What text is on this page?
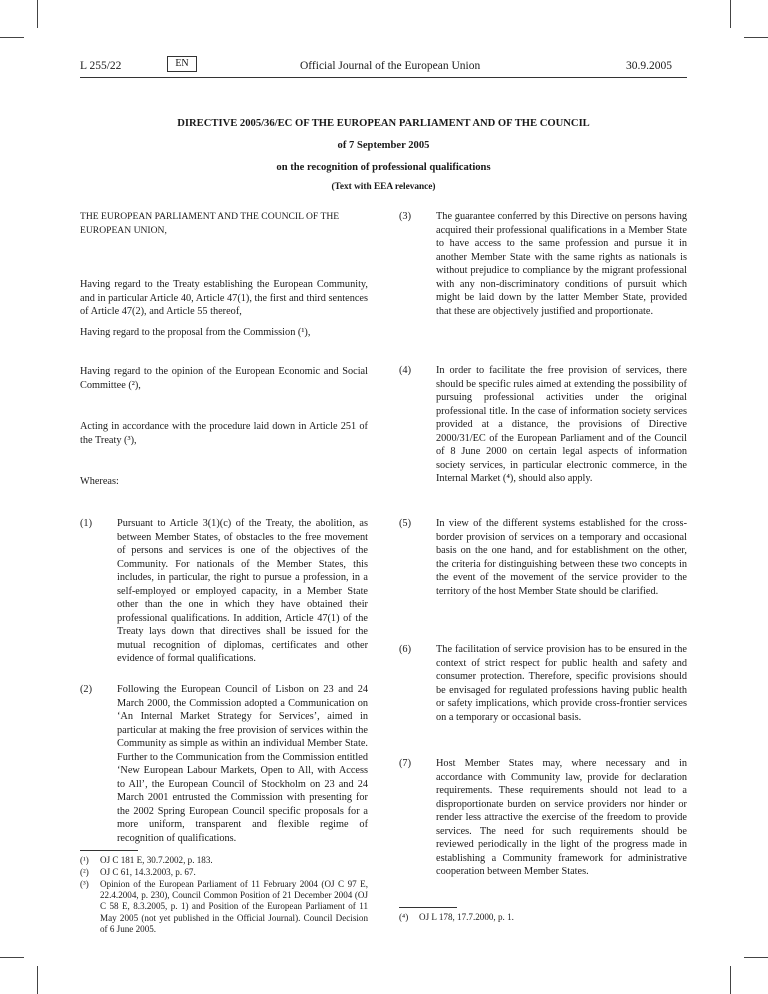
L 255/22	EN	Official Journal of the European Union	30.9.2005
DIRECTIVE 2005/36/EC OF THE EUROPEAN PARLIAMENT AND OF THE COUNCIL
of 7 September 2005
on the recognition of professional qualifications
(Text with EEA relevance)

THE EUROPEAN PARLIAMENT AND THE COUNCIL OF THE EUROPEAN UNION,

Having regard to the Treaty establishing the European Community, and in particular Article 40, Article 47(1), the first and third sentences of Article 47(2), and Article 55 thereof,

Having regard to the proposal from the Commission (¹),

Having regard to the opinion of the European Economic and Social Committee (²),

Acting in accordance with the procedure laid down in Article 251 of the Treaty (³),

Whereas:

(1) Pursuant to Article 3(1)(c) of the Treaty, the abolition, as between Member States, of obstacles to the free movement of persons and services is one of the objectives of the Community. For nationals of the Member States, this includes, in particular, the right to pursue a profession, in a self-employed or employed capacity, in a Member State other than the one in which they have obtained their professional qualifications. In addition, Article 47(1) of the Treaty lays down that directives shall be issued for the mutual recognition of diplomas, certificates and other evidence of formal qualifications.

(2) Following the European Council of Lisbon on 23 and 24 March 2000, the Commission adopted a Communication on ‘An Internal Market Strategy for Services’, aimed in particular at making the free provision of services within the Community as simple as within an individual Member State. Further to the Communication from the Commission entitled ‘New European Labour Markets, Open to All, with Access to All’, the European Council of Stockholm on 23 and 24 March 2001 entrusted the Commission with presenting for the 2002 Spring European Council specific proposals for a more uniform, transparent and flexible regime of recognition of qualifications.

(¹) OJ C 181 E, 30.7.2002, p. 183.
(²) OJ C 61, 14.3.2003, p. 67.
(³) Opinion of the European Parliament of 11 February 2004 (OJ C 97 E, 22.4.2004, p. 230), Council Common Position of 21 December 2004 (OJ C 58 E, 8.3.2005, p. 1) and Position of the European Parliament of 11 May 2005 (not yet published in the Official Journal). Council Decision of 6 June 2005.
(3) The guarantee conferred by this Directive on persons having acquired their professional qualifications in a Member State to have access to the same profession and pursue it in another Member State with the same rights as nationals is without prejudice to compliance by the migrant professional with any non-discriminatory conditions of pursuit which might be laid down by the latter Member State, provided that these are objectively justified and proportionate.

(4) In order to facilitate the free provision of services, there should be specific rules aimed at extending the possibility of pursuing professional activities under the original professional title. In the case of information society services provided at a distance, the provisions of Directive 2000/31/EC of the European Parliament and of the Council of 8 June 2000 on certain legal aspects of information society services, in particular electronic commerce, in the Internal Market (⁴), should also apply.

(5) In view of the different systems established for the cross-border provision of services on a temporary and occasional basis on the one hand, and for establishment on the other, the criteria for distinguishing between these two concepts in the event of the movement of the service provider to the territory of the host Member State should be clarified.

(6) The facilitation of service provision has to be ensured in the context of strict respect for public health and safety and consumer protection. Therefore, specific provisions should be envisaged for regulated professions having public health or safety implications, which provide cross-frontier services on a temporary or occasional basis.

(7) Host Member States may, where necessary and in accordance with Community law, provide for declaration requirements. These requirements should not lead to a disproportionate burden on service providers nor hinder or render less attractive the exercise of the freedom to provide services. The need for such requirements should be reviewed periodically in the light of the progress made in establishing a Community framework for administrative cooperation between Member States.

(⁴) OJ L 178, 17.7.2000, p. 1.
